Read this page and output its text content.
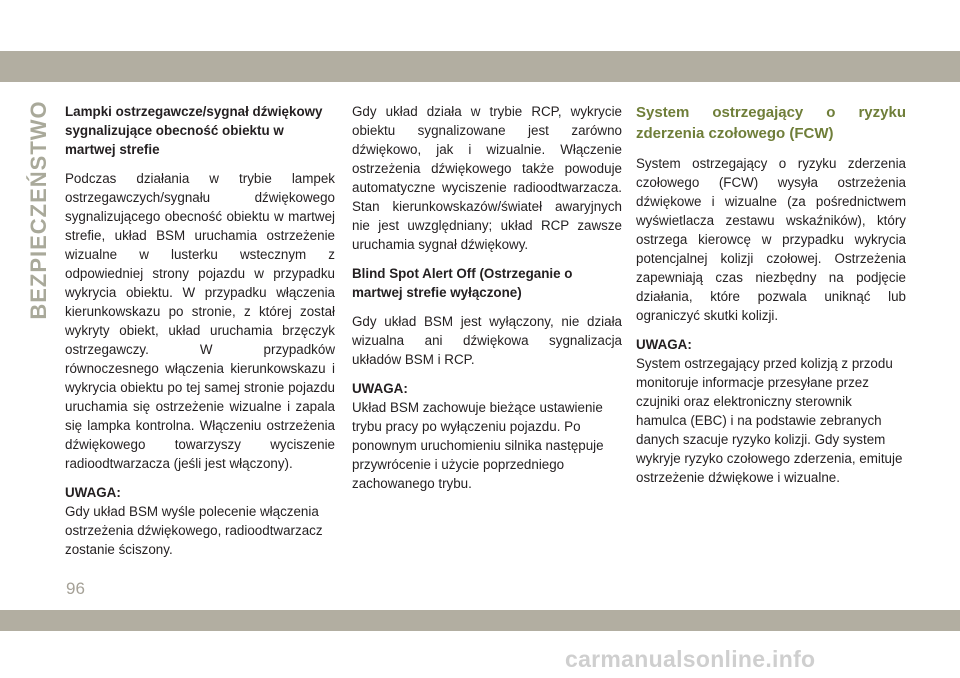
BEZPIECZEŃSTWO Lampki ostrzegawcze/sygnał dźwiękowy sygnalizujące obecność obiektu w martwej strefie

Podczas działania w trybie lampek ostrzegawczych/sygnału dźwiękowego sygnalizującego obecność obiektu w martwej strefie, układ BSM uruchamia ostrzeżenie wizualne w lusterku wstecznym z odpowiedniej strony pojazdu w przypadku wykrycia obiektu. W przypadku włączenia kierunkowskazu po stronie, z której został wykryty obiekt, układ uruchamia brzęczyk ostrzegawczy. W przypadków równoczesnego włączenia kierunkowskazu i wykrycia obiektu po tej samej stronie pojazdu uruchamia się ostrzeżenie wizualne i zapala się lampka kontrolna. Włączeniu ostrzeżenia dźwiękowego towarzyszy wyciszenie radioodtwarzacza (jeśli jest włączony).

UWAGA:

Gdy układ BSM wyśle polecenie włączenia ostrzeżenia dźwiękowego, radioodtwarzacz zostanie ściszony.

Gdy układ działa w trybie RCP, wykrycie obiektu sygnalizowane jest zarówno dźwiękowo, jak i wizualnie. Włączenie ostrzeżenia dźwiękowego także powoduje automatyczne wyciszenie radioodtwarzacza. Stan kierunkowskazów/świateł awaryjnych nie jest uwzględniany; układ RCP zawsze uruchamia sygnał dźwiękowy.

Blind Spot Alert Off (Ostrzeganie o martwej strefie wyłączone)

Gdy układ BSM jest wyłączony, nie działa wizualna ani dźwiękowa sygnalizacja układów BSM i RCP.

UWAGA:

Układ BSM zachowuje bieżące ustawienie trybu pracy po wyłączeniu pojazdu. Po ponownym uruchomieniu silnika następuje przywrócenie i użycie poprzedniego zachowanego trybu.

System ostrzegający o ryzyku zderzenia czołowego (FCW)

System ostrzegający o ryzyku zderzenia czołowego (FCW) wysyła ostrzeżenia dźwiękowe i wizualne (za pośrednictwem wyświetlacza zestawu wskaźników), który ostrzega kierowcę w przypadku wykrycia potencjalnej kolizji czołowej. Ostrzeżenia zapewniają czas niezbędny na podjęcie działania, które pozwala uniknąć lub ograniczyć skutki kolizji.

UWAGA:

System ostrzegający przed kolizją z przodu monitoruje informacje przesyłane przez czujniki oraz elektroniczny sterownik hamulca (EBC) i na podstawie zebranych danych szacuje ryzyko kolizji. Gdy system wykryje ryzyko czołowego zderzenia, emituje ostrzeżenie dźwiękowe i wizualne.

96
carmanualsonline.info
